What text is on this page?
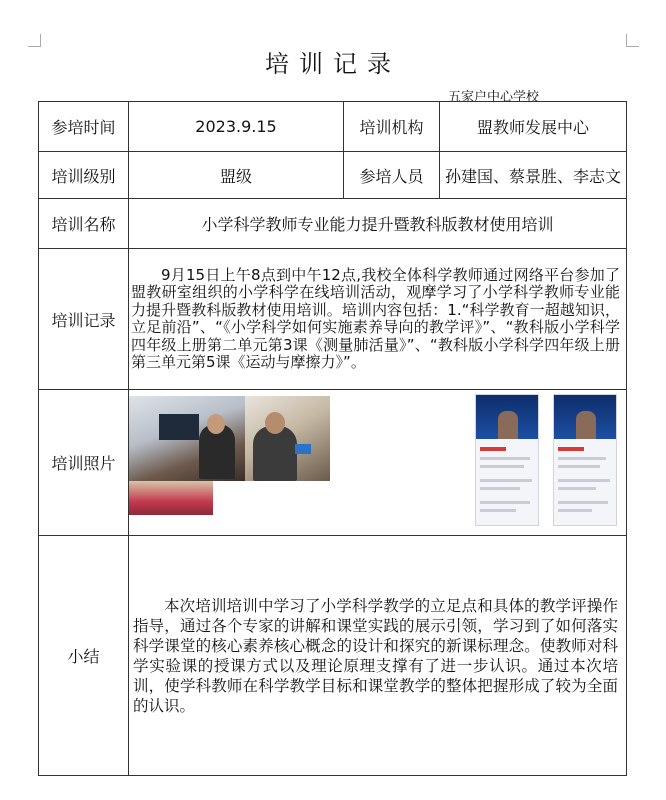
培训记录
五家户中心学校
参培时间	2023.9.15	培训机构	盟教师发展中心
培训级别	盟级	参培人员	孙建国、蔡景胜、李志文
培训名称	小学科学教师专业能力提升暨教科版教材使用培训		
培训记录	9月15日上午8点到中午12点,我校全体科学教师通过网络平台参加了盟教研室组织的小学科学在线培训活动，观摩学习了小学科学教师专业能力提升暨教科版教材使用培训。培训内容包括：1.“科学教育一超越知识，立足前沿”、“《小学科学如何实施素养导向的教学评》”、“教科版小学科学四年级上册第二单元第3课《测量肺活量》”、“教科版小学科学四年级上册第三单元第5课《运动与摩擦力》”。		

培训照片			

小结	本次培训培训中学习了小学科学教学的立足点和具体的教学评操作指导，通过各个专家的讲解和课堂实践的展示引领，学习到了如何落实科学课堂的核心素养核心概念的设计和探究的新课标理念。使教师对科学实验课的授课方式以及理论原理支撑有了进一步认识。通过本次培训，使学科教师在科学教学目标和课堂教学的整体把握形成了较为全面的认识。		
